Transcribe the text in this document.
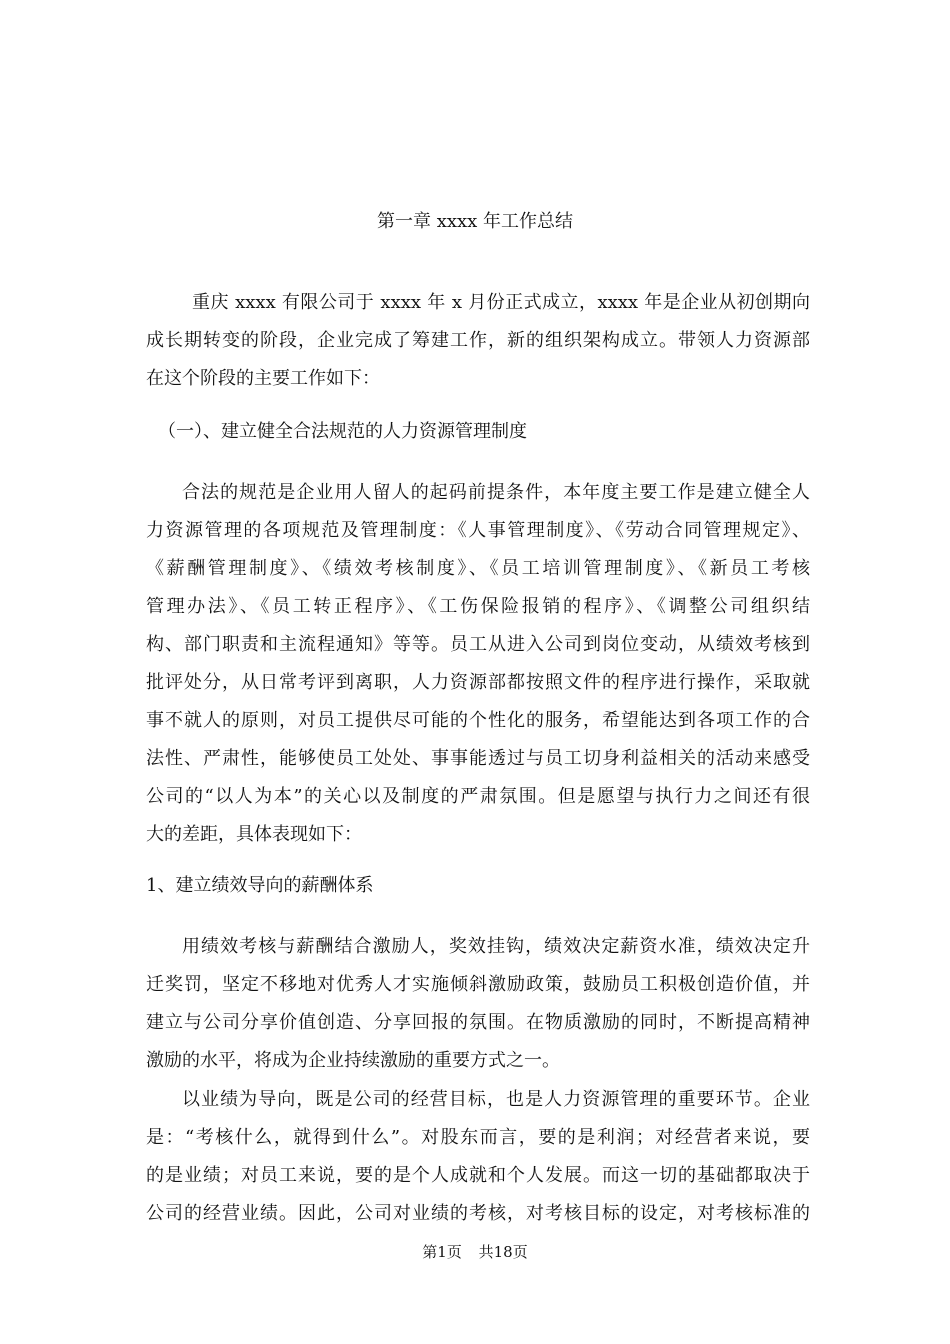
第一章 xxxx 年工作总结
重庆 xxxx 有限公司于 xxxx 年 x 月份正式成立，xxxx 年是企业从初创期向
成长期转变的阶段，企业完成了筹建工作，新的组织架构成立。带领人力资源部
在这个阶段的主要工作如下：
（一）、建立健全合法规范的人力资源管理制度
合法的规范是企业用人留人的起码前提条件，本年度主要工作是建立健全人
力资源管理的各项规范及管理制度：《人事管理制度》、《劳动合同管理规定》、
《薪酬管理制度》、《绩效考核制度》、《员工培训管理制度》、《新员工考核
管理办法》、《员工转正程序》、《工伤保险报销的程序》、《调整公司组织结
构、部门职责和主流程通知》等等。员工从进入公司到岗位变动，从绩效考核到
批评处分，从日常考评到离职，人力资源部都按照文件的程序进行操作，采取就
事不就人的原则，对员工提供尽可能的个性化的服务，希望能达到各项工作的合
法性、严肃性，能够使员工处处、事事能透过与员工切身利益相关的活动来感受
公司的“以人为本”的关心以及制度的严肃氛围。但是愿望与执行力之间还有很
大的差距，具体表现如下：
1、建立绩效导向的薪酬体系
用绩效考核与薪酬结合激励人，奖效挂钩，绩效决定薪资水准，绩效决定升
迁奖罚，坚定不移地对优秀人才实施倾斜激励政策，鼓励员工积极创造价值，并
建立与公司分享价值创造、分享回报的氛围。在物质激励的同时，不断提高精神
激励的水平，将成为企业持续激励的重要方式之一。
以业绩为导向，既是公司的经营目标，也是人力资源管理的重要环节。企业
是：“考核什么，就得到什么”。对股东而言，要的是利润；对经营者来说，要
的是业绩；对员工来说，要的是个人成就和个人发展。而这一切的基础都取决于
公司的经营业绩。因此，公司对业绩的考核，对考核目标的设定，对考核标准的
第1页 共18页
